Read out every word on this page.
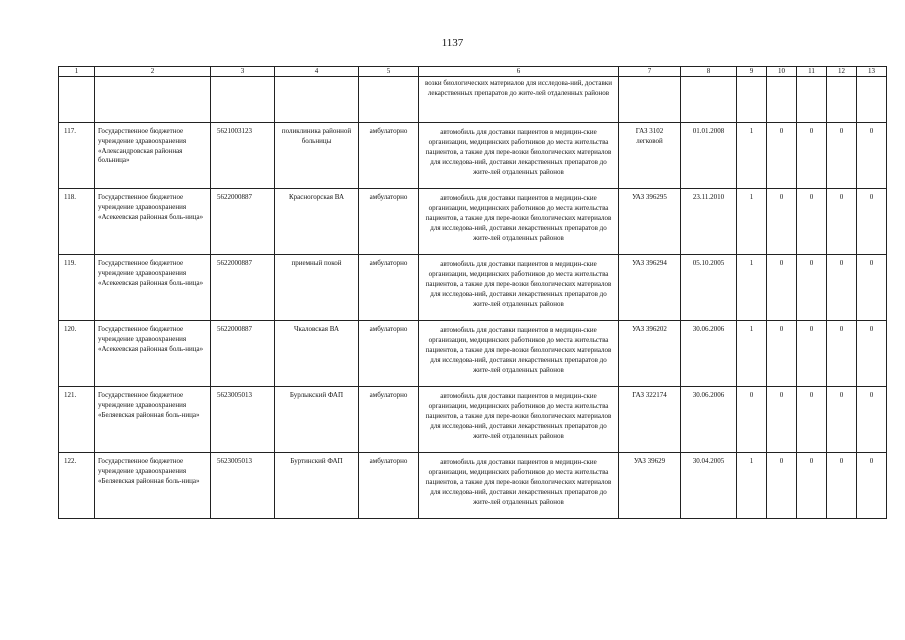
1137
1	2	3	4	5	6	7	8	9	10	11	12	13
					возки биологических материалов для исследова-ний, доставки лекарственных препаратов до жите-лей отдаленных районов							
117.	Государственное бюджетное учреждение здравоохранения «Александровская районная больница»	5621003123	поликлиника районной больницы	амбулаторно	автомобиль для доставки пациентов в медицин-ские организации, медицинских работников до места жительства пациентов, а также для пере-возки биологических материалов для исследова-ний, доставки лекарственных препаратов до жите-лей отдаленных районов	ГАЗ 3102 легковой	01.01.2008	1	0	0	0	0
118.	Государственное бюджетное учреждение здравоохранения «Асекеевская районная боль-ница»	5622000887	Красногорская ВА	амбулаторно	автомобиль для доставки пациентов в медицин-ские организации, медицинских работников до места жительства пациентов, а также для пере-возки биологических материалов для исследова-ний, доставки лекарственных препаратов до жите-лей отдаленных районов	УАЗ 396295	23.11.2010	1	0	0	0	0
119.	Государственное бюджетное учреждение здравоохранения «Асекеевская районная боль-ница»	5622000887	приемный покой	амбулаторно	автомобиль для доставки пациентов в медицин-ские организации, медицинских работников до места жительства пациентов, а также для пере-возки биологических материалов для исследова-ний, доставки лекарственных препаратов до жите-лей отдаленных районов	УАЗ 396294	05.10.2005	1	0	0	0	0
120.	Государственное бюджетное учреждение здравоохранения «Асекеевская районная боль-ница»	5622000887	Чкаловская ВА	амбулаторно	автомобиль для доставки пациентов в медицин-ские организации, медицинских работников до места жительства пациентов, а также для пере-возки биологических материалов для исследова-ний, доставки лекарственных препаратов до жите-лей отдаленных районов	УАЗ 396202	30.06.2006	1	0	0	0	0
121.	Государственное бюджетное учреждение здравоохранения «Беляевская районная боль-ница»	5623005013	Бурлыкский ФАП	амбулаторно	автомобиль для доставки пациентов в медицин-ские организации, медицинских работников до места жительства пациентов, а также для пере-возки биологических материалов для исследова-ний, доставки лекарственных препаратов до жите-лей отдаленных районов	ГАЗ 322174	30.06.2006	0	0	0	0	0
122.	Государственное бюджетное учреждение здравоохранения «Беляевская районная боль-ница»	5623005013	Буртинский ФАП	амбулаторно	автомобиль для доставки пациентов в медицин-ские организации, медицинских работников до места жительства пациентов, а также для пере-возки биологических материалов для исследова-ний, доставки лекарственных препаратов до жите-лей отдаленных районов	УАЗ 39629	30.04.2005	1	0	0	0	0
